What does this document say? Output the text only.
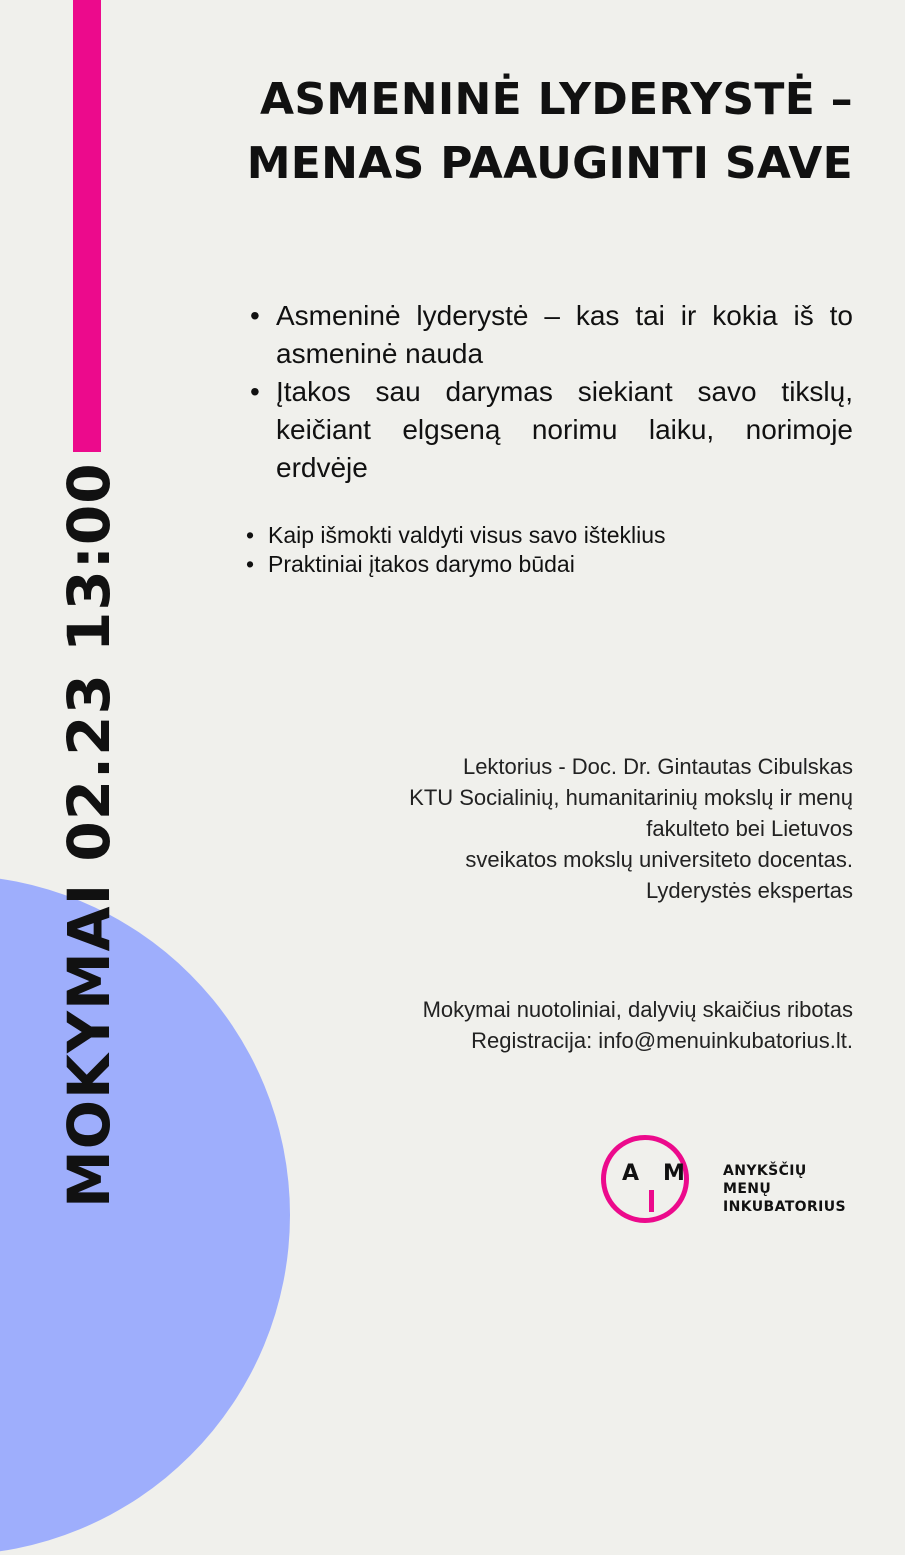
MOKYMAI 02.23 13:00
ASMENINĖ LYDERYSTĖ –
MENAS PAAUGINTI SAVE
• Asmeninė lyderystė – kas tai ir kokia iš to asmeninė nauda
• Įtakos sau darymas siekiant savo tikslų, keičiant elgseną norimu laiku, norimoje erdvėje
• Kaip išmokti valdyti visus savo išteklius
• Praktiniai įtakos darymo būdai
Lektorius - Doc. Dr. Gintautas Cibulskas
KTU Socialinių, humanitarinių mokslų ir menų
fakulteto bei Lietuvos
sveikatos mokslų universiteto docentas.
Lyderystės ekspertas
Mokymai nuotoliniai, dalyvių skaičius ribotas
Registracija: info@menuinkubatorius.lt.
A M	ANYKŠČIŲ
MENŲ
INKUBATORIUS
